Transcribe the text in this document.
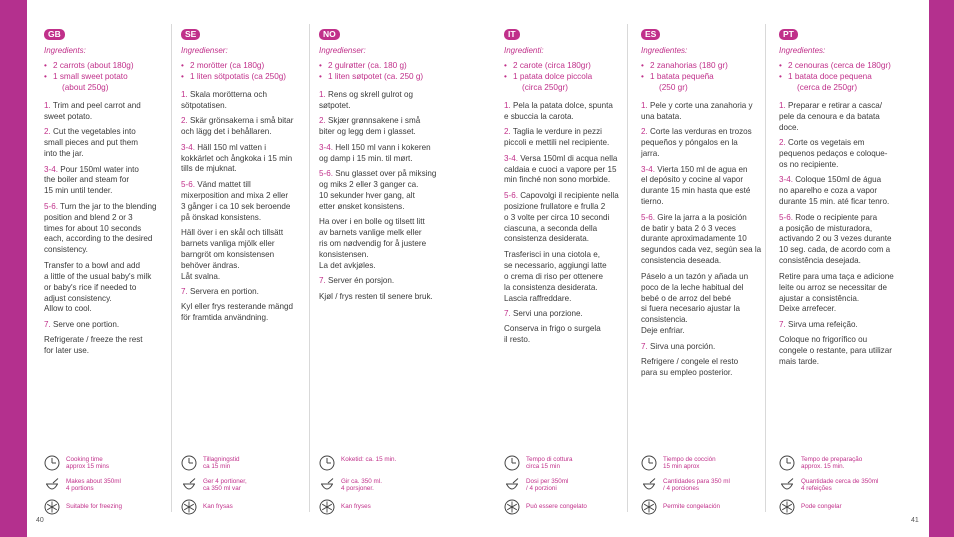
GB
Ingredients:
• 2 carrots (about 180g)
• 1 small sweet potato
(about 250g)

1. Trim and peel carrot and
sweet potato.

2. Cut the vegetables into
small pieces and put them
into the jar.

3-4. Pour 150ml water into
the boiler and steam for
15 min until tender.

5-6. Turn the jar to the blending
position and blend 2 or 3
times for about 10 seconds
each, according to the desired
consistency.

Transfer to a bowl and add
a little of the usual baby's milk
or baby's rice if needed to
adjust consistency.
Allow to cool.

7. Serve one portion.

Refrigerate / freeze the rest
for later use.

Cooking time
approx 15 mins
Makes about 350ml
4 portions
Suitable for freezing
SE
Ingredienser:
• 2 morötter (ca 180g)
• 1 liten sötpotatis (ca 250g)

1. Skala morötterna och
sötpotatisen.

2. Skär grönsakerna i små bitar
och lägg det i behållaren.

3-4. Häll 150 ml vatten i
kokkärlet och ångkoka i 15 min
tills de mjuknat.

5-6. Vänd mattet till
mixerposition and mixa 2 eller
3 gånger i ca 10 sek beroende
på önskad konsistens.

Häll över i en skål och tillsätt
barnets vanliga mjölk eller
barngröt om konsistensen
behöver ändras.
Låt svalna.

7. Servera en portion.

Kyl eller frys resterande mängd
för framtida användning.

Tillagningstid
ca 15 min
Ger 4 portioner,
ca 350 ml var
Kan frysas
NO
Ingredienser:
• 2 gulrøtter (ca. 180 g)
• 1 liten søtpotet (ca. 250 g)

1. Rens og skrell gulrot og
søtpotet.

2. Skjær grønnsakene i små
biter og legg dem i glasset.

3-4. Hell 150 ml vann i kokeren
og damp i 15 min. til mørt.

5-6. Snu glasset over på miksing
og miks 2 eller 3 ganger ca.
10 sekunder hver gang, alt
etter ønsket konsistens.

Ha over i en bolle og tilsett litt
av barnets vanlige melk eller
ris om nødvendig for å justere
konsistensen.
La det avkjøles.

7. Server én porsjon.

Kjøl / frys resten til senere bruk.

Koketid: ca. 15 min.
Gir ca. 350 ml.
4 porsjoner.
Kan fryses
IT
Ingredienti:
• 2 carote (circa 180gr)
• 1 patata dolce piccola
(circa 250gr)

1. Pela la patata dolce, spunta
e sbuccia la carota.

2. Taglia le verdure in pezzi
piccoli e mettili nel recipiente.

3-4. Versa 150ml di acqua nella
caldaia e cuoci a vapore per 15
min finché non sono morbide.

5-6. Capovolgi il recipiente nella
posizione frullatore e frulla 2
o 3 volte per circa 10 secondi
ciascuna, a seconda della
consistenza desiderata.

Trasferisci in una ciotola e,
se necessario, aggiungi latte
o crema di riso per ottenere
la consistenza desiderata.
Lascia raffreddare.

7. Servi una porzione.

Conserva in frigo o surgela
il resto.

Tempo di cottura
circa 15 min
Dosi per 350ml
/ 4 porzioni
Può essere congelato
ES
Ingredientes:
• 2 zanahorias (180 gr)
• 1 batata pequeña
(250 gr)

1. Pele y corte una zanahoria y
una batata.

2. Corte las verduras en trozos
pequeños y póngalos en la
jarra.

3-4. Vierta 150 ml de agua en
el depósito y cocine al vapor
durante 15 min hasta que esté
tierno.

5-6. Gire la jarra a la posición
de batir y bata 2 ó 3 veces
durante aproximadamente 10
segundos cada vez, según sea la
consistencia deseada.

Páselo a un tazón y añada un
poco de la leche habitual del
bebé o de arroz del bebé
si fuera necesario ajustar la
consistencia.
Deje enfriar.

7. Sirva una porción.

Refrigere / congele el resto
para su empleo posterior.

Tiempo de cocción
15 min aprox
Cantidades para 350 ml
/ 4 porciones
Permite congelación
PT
Ingredientes:
• 2 cenouras (cerca de 180gr)
• 1 batata doce pequena
(cerca de 250gr)

1. Preparar e retirar a casca/
pele da cenoura e da batata
doce.

2. Corte os vegetais em
pequenos pedaços e coloque-
os no recipiente.

3-4. Coloque 150ml de água
no aparelho e coza a vapor
durante 15 min. até ficar tenro.

5-6. Rode o recipiente para
a posição de misturadora,
activando 2 ou 3 vezes durante
10 seg. cada, de acordo com a
consistência desejada.

Retire para uma taça e adicione
leite ou arroz se necessitar de
ajustar a consistência.
Deixe arrefecer.

7. Sirva uma refeição.

Coloque no frigorífico ou
congele o restante, para utilizar
mais tarde.

Tempo de preparação
approx. 15 min.
Quantidade cerca de 350ml
4 refeições
Pode congelar
40	41
